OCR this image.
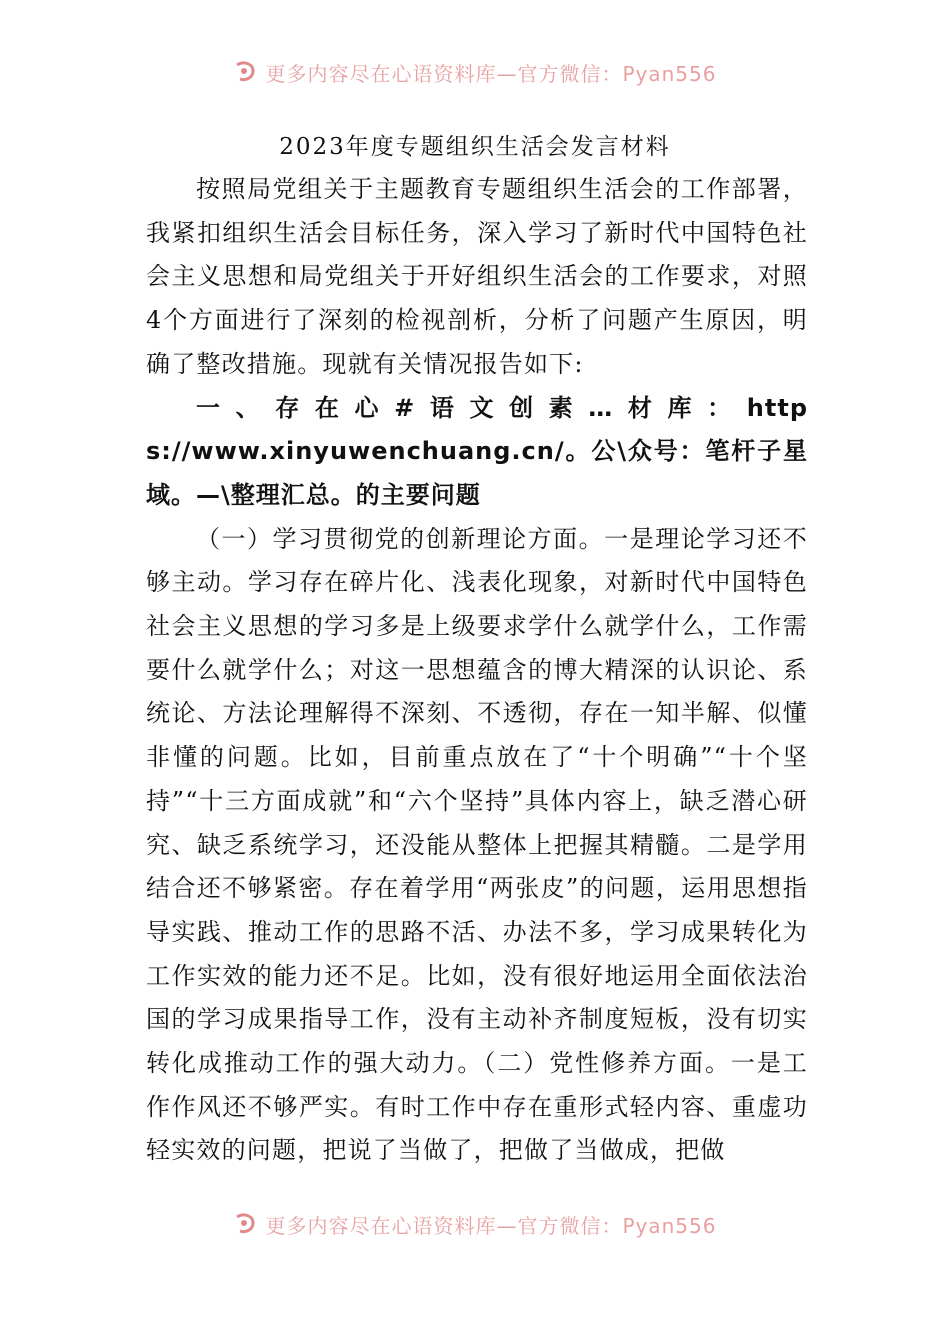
更多内容尽在心语资料库—官方微信：Pyan556
2023年度专题组织生活会发言材料

按照局党组关于主题教育专题组织生活会的工作部署，我紧扣组织生活会目标任务，深入学习了新时代中国特色社会主义思想和局党组关于开好组织生活会的工作要求，对照4个方面进行了深刻的检视剖析，分析了问题产生原因，明确了整改措施。现就有关情况报告如下:

一、存在心#语文创素…材库：https://www.xinyuwenchuang.cn/。公\众号：笔杆子星域。—\整理汇总。的主要问题

（一）学习贯彻党的创新理论方面。一是理论学习还不够主动。学习存在碎片化、浅表化现象，对新时代中国特色社会主义思想的学习多是上级要求学什么就学什么，工作需要什么就学什么；对这一思想蕴含的博大精深的认识论、系统论、方法论理解得不深刻、不透彻，存在一知半解、似懂非懂的问题。比如，目前重点放在了“十个明确”“十个坚持”“十三方面成就”和“六个坚持”具体内容上，缺乏潜心研究、缺乏系统学习，还没能从整体上把握其精髓。二是学用结合还不够紧密。存在着学用“两张皮”的问题，运用思想指导实践、推动工作的思路不活、办法不多，学习成果转化为工作实效的能力还不足。比如，没有很好地运用全面依法治国的学习成果指导工作，没有主动补齐制度短板，没有切实转化成推动工作的强大动力。（二）党性修养方面。一是工作作风还不够严实。有时工作中存在重形式轻内容、重虚功轻实效的问题，把说了当做了，把做了当做成，把做

更多内容尽在心语资料库—官方微信：Pyan556
